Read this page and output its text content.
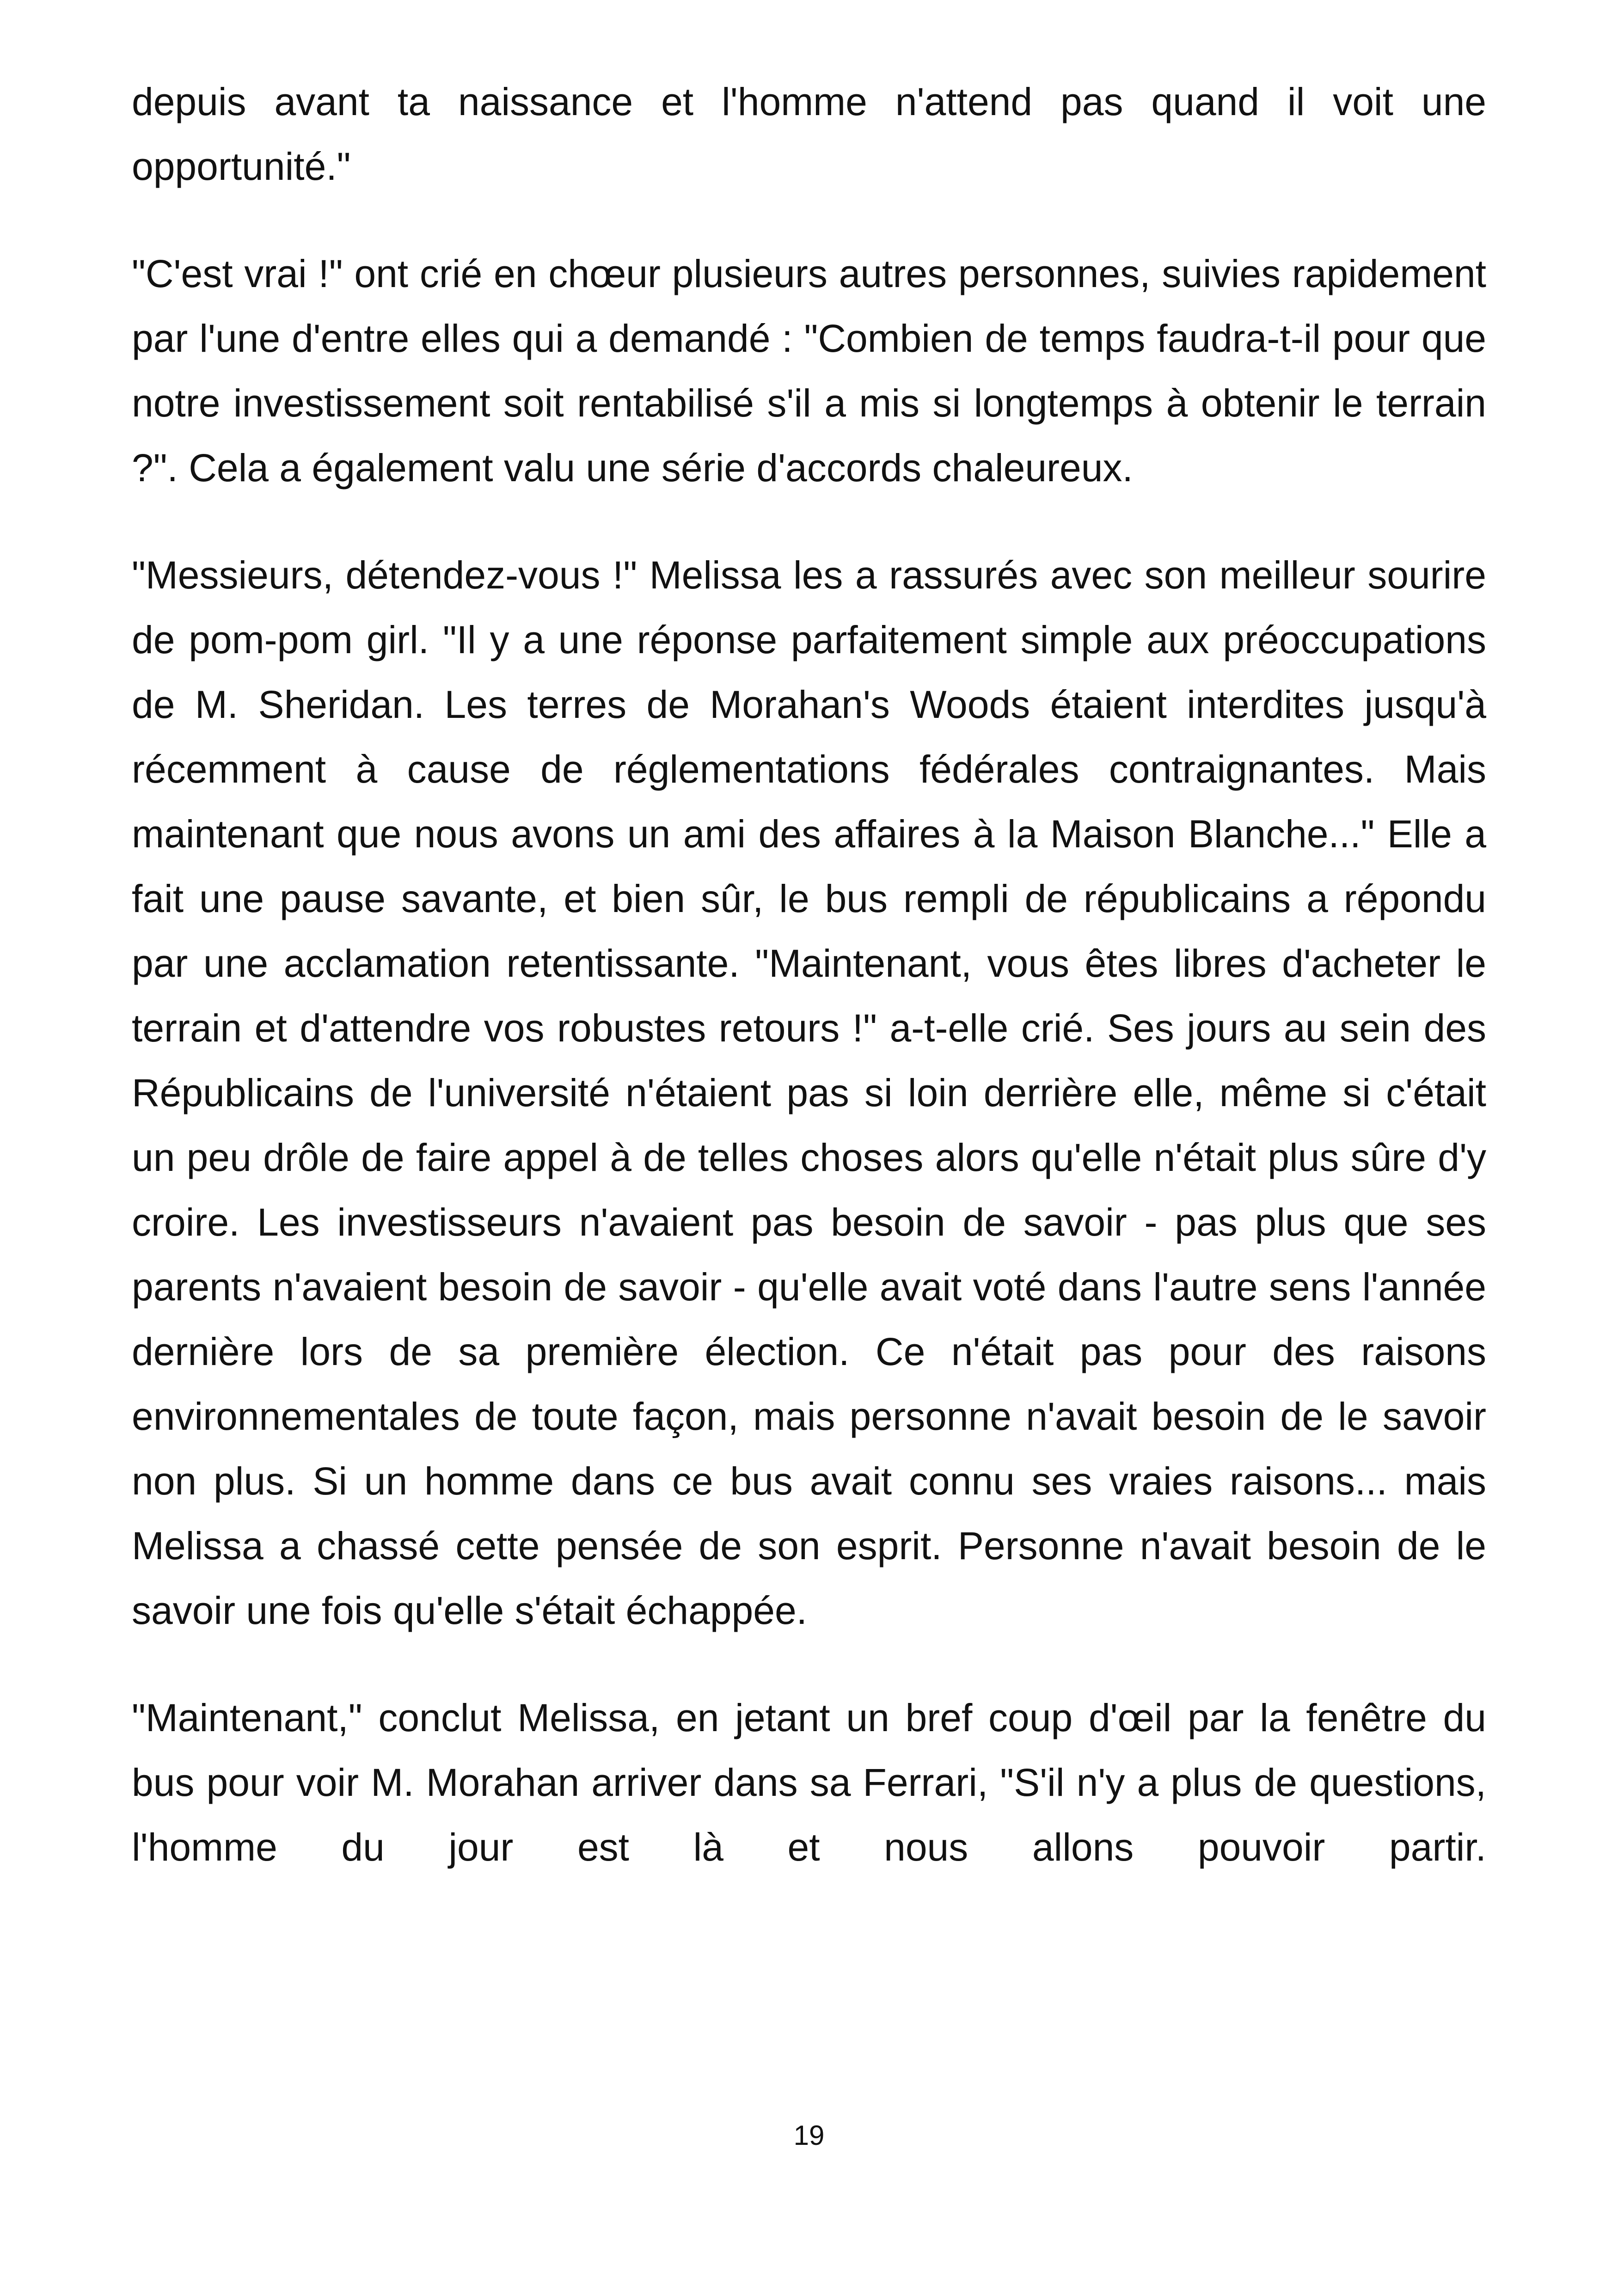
depuis avant ta naissance et l'homme n'attend pas quand il voit une opportunité."

"C'est vrai !" ont crié en chœur plusieurs autres personnes, suivies rapidement par l'une d'entre elles qui a demandé : "Combien de temps faudra-t-il pour que notre investissement soit rentabilisé s'il a mis si longtemps à obtenir le terrain ?". Cela a également valu une série d'accords chaleureux.

"Messieurs, détendez-vous !" Melissa les a rassurés avec son meilleur sourire de pom-pom girl. "Il y a une réponse parfaitement simple aux préoccupations de M. Sheridan. Les terres de Morahan's Woods étaient interdites jusqu'à récemment à cause de réglementations fédérales contraignantes. Mais maintenant que nous avons un ami des affaires à la Maison Blanche..." Elle a fait une pause savante, et bien sûr, le bus rempli de républicains a répondu par une acclamation retentissante. "Maintenant, vous êtes libres d'acheter le terrain et d'attendre vos robustes retours !" a-t-elle crié. Ses jours au sein des Républicains de l'université n'étaient pas si loin derrière elle, même si c'était un peu drôle de faire appel à de telles choses alors qu'elle n'était plus sûre d'y croire. Les investisseurs n'avaient pas besoin de savoir - pas plus que ses parents n'avaient besoin de savoir - qu'elle avait voté dans l'autre sens l'année dernière lors de sa première élection. Ce n'était pas pour des raisons environnementales de toute façon, mais personne n'avait besoin de le savoir non plus. Si un homme dans ce bus avait connu ses vraies raisons... mais Melissa a chassé cette pensée de son esprit. Personne n'avait besoin de le savoir une fois qu'elle s'était échappée.

"Maintenant," conclut Melissa, en jetant un bref coup d'œil par la fenêtre du bus pour voir M. Morahan arriver dans sa Ferrari, "S'il n'y a plus de questions, l'homme du jour est là et nous allons pouvoir partir.

19
